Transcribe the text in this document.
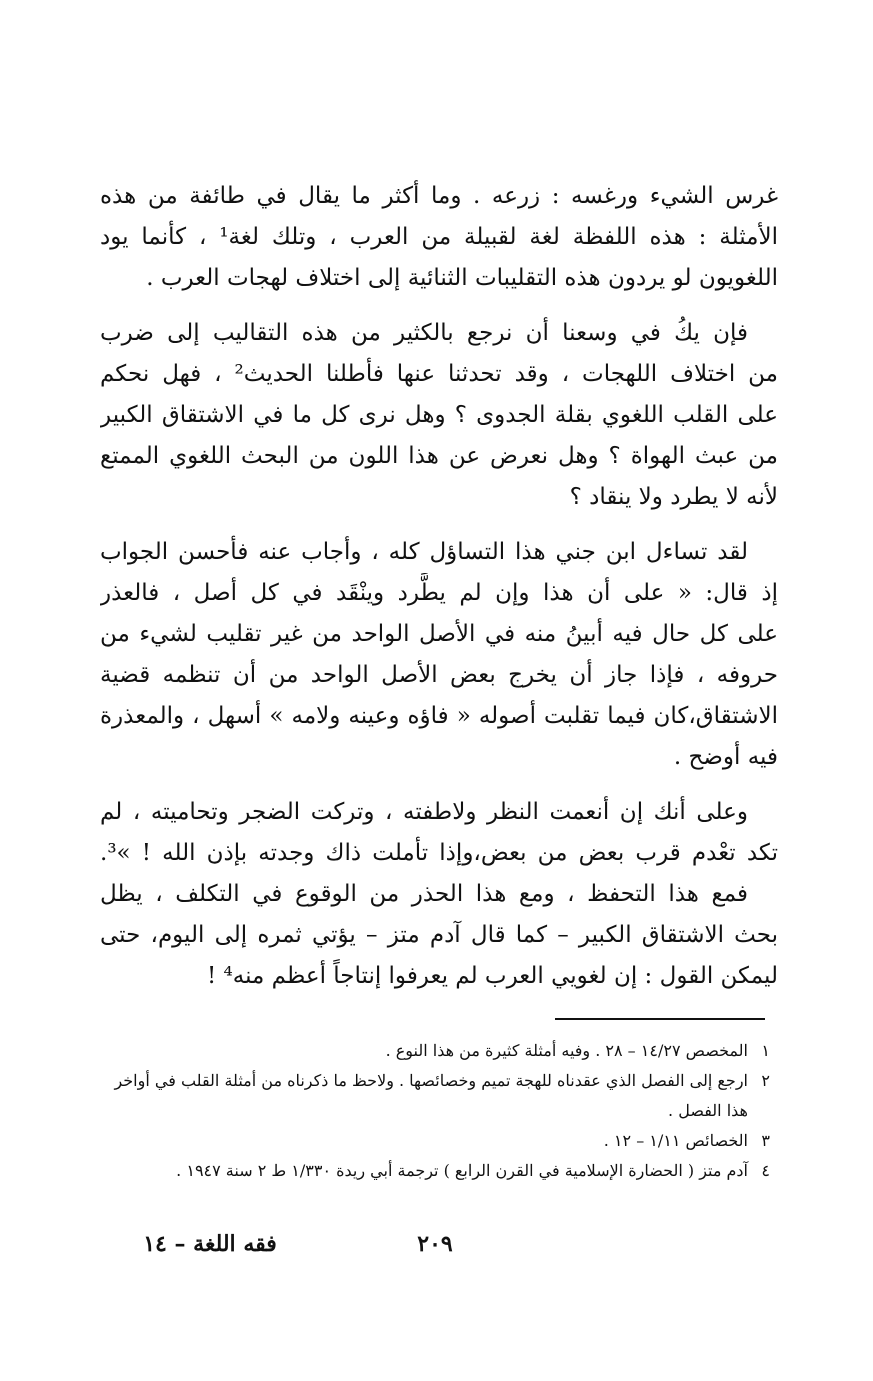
غرس الشيء ورغسه : زرعه . وما أكثر ما يقال في طائفة من هذه
الأمثلة : هذه اللفظة لغة لقبيلة من العرب ، وتلك لغة¹ ، كأنما يود
اللغويون لو يردون هذه التقليبات الثنائية إلى اختلاف لهجات العرب .
فإن يكُ في وسعنا أن نرجع بالكثير من هذه التقاليب إلى ضرب
من اختلاف اللهجات ، وقد تحدثنا عنها فأطلنا الحديث² ، فهل نحكم
على القلب اللغوي بقلة الجدوى ؟ وهل نرى كل ما في الاشتقاق الكبير
من عبث الهواة ؟ وهل نعرض عن هذا اللون من البحث اللغوي الممتع
لأنه لا يطرد ولا ينقاد ؟
لقد تساءل ابن جني هذا التساؤل كله ، وأجاب عنه فأحسن الجواب
إذ قال: « على أن هذا وإن لم يطَّرد وينْقَد في كل أصل ، فالعذر
على كل حال فيه أبينُ منه في الأصل الواحد من غير تقليب لشيء من
حروفه ، فإذا جاز أن يخرج بعض الأصل الواحد من أن تنظمه قضية
الاشتقاق،كان فيما تقلبت أصوله « فاؤه وعينه ولامه » أسهل ، والمعذرة
فيه أوضح .
وعلى أنك إن أنعمت النظر ولاطفته ، وتركت الضجر وتحاميته ، لم
تكد تعْدم قرب بعض من بعض،وإذا تأملت ذاك وجدته بإذن الله ! »³.
فمع هذا التحفظ ، ومع هذا الحذر من الوقوع في التكلف ، يظل
بحث الاشتقاق الكبير – كما قال آدم متز – يؤتي ثمره إلى اليوم، حتى
ليمكن القول : إن لغويي العرب لم يعرفوا إنتاجاً أعظم منه⁴ !
١المخصص ١٤/٢٧ – ٢٨ . وفيه أمثلة كثيرة من هذا النوع .
٢ارجع إلى الفصل الذي عقدناه للهجة تميم وخصائصها . ولاحظ ما ذكرناه من أمثلة القلب في أواخر
هذا الفصل .
٣الخصائص ١/١١ – ١٢ .
٤آدم متز ( الحضارة الإسلامية في القرن الرابع ) ترجمة أبي ريدة ١/٣٣٠ ط ٢ سنة ١٩٤٧ .
٢٠٩
فقه اللغة – ١٤
